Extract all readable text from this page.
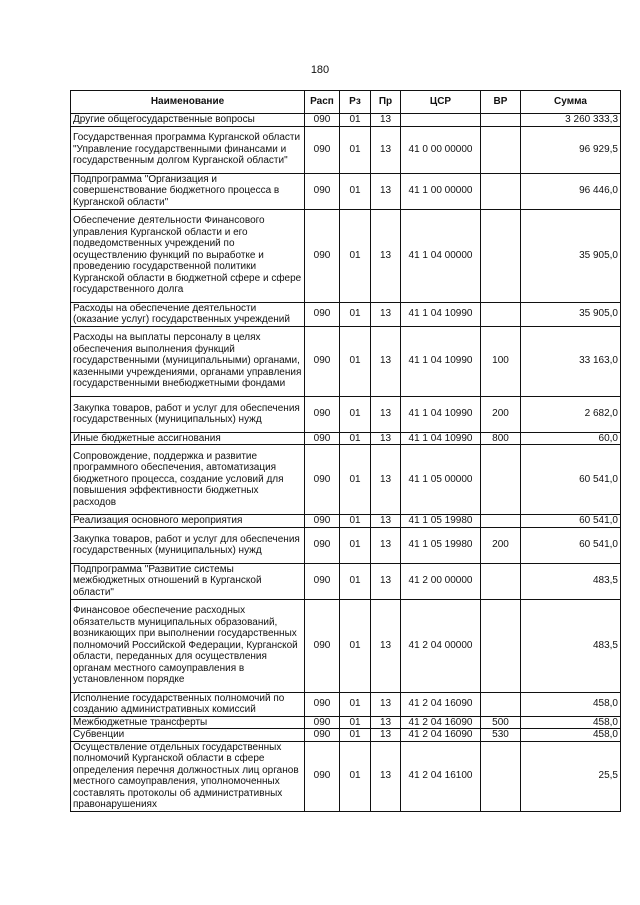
180
Наименование	Расп	Рз	Пр	ЦСР	ВР	Сумма
Другие общегосударственные вопросы	090	01	13			3 260 333,3
Государственная программа Курганской области "Управление государственными финансами и государственным долгом Курганской области"	090	01	13	41 0 00 00000		96 929,5
Подпрограмма "Организация и совершенствование бюджетного процесса в Курганской области"	090	01	13	41 1 00 00000		96 446,0
Обеспечение деятельности Финансового управления Курганской области и его подведомственных учреждений по осуществлению функций по выработке и проведению государственной политики Курганской области в бюджетной сфере и сфере государственного долга	090	01	13	41 1 04 00000		35 905,0
Расходы на обеспечение деятельности (оказание услуг) государственных учреждений	090	01	13	41 1 04 10990		35 905,0
Расходы на выплаты персоналу в целях обеспечения выполнения функций государственными (муниципальными) органами, казенными учреждениями, органами управления государственными внебюджетными фондами	090	01	13	41 1 04 10990	100	33 163,0
Закупка товаров, работ и услуг для обеспечения государственных (муниципальных) нужд	090	01	13	41 1 04 10990	200	2 682,0
Иные бюджетные ассигнования	090	01	13	41 1 04 10990	800	60,0
Сопровождение, поддержка и развитие программного обеспечения, автоматизация бюджетного процесса, создание условий для повышения эффективности бюджетных расходов	090	01	13	41 1 05 00000		60 541,0
Реализация основного мероприятия	090	01	13	41 1 05 19980		60 541,0
Закупка товаров, работ и услуг для обеспечения государственных (муниципальных) нужд	090	01	13	41 1 05 19980	200	60 541,0
Подпрограмма "Развитие системы межбюджетных отношений в Курганской области"	090	01	13	41 2 00 00000		483,5
Финансовое обеспечение расходных обязательств муниципальных образований, возникающих при выполнении государственных полномочий Российской Федерации, Курганской области, переданных для осуществления органам местного самоуправления в установленном порядке	090	01	13	41 2 04 00000		483,5
Исполнение государственных полномочий по созданию административных комиссий	090	01	13	41 2 04 16090		458,0
Межбюджетные трансферты	090	01	13	41 2 04 16090	500	458,0
Субвенции	090	01	13	41 2 04 16090	530	458,0
Осуществление отдельных государственных полномочий Курганской области в сфере определения перечня должностных лиц органов местного самоуправления, уполномоченных составлять протоколы об административных правонарушениях	090	01	13	41 2 04 16100		25,5
